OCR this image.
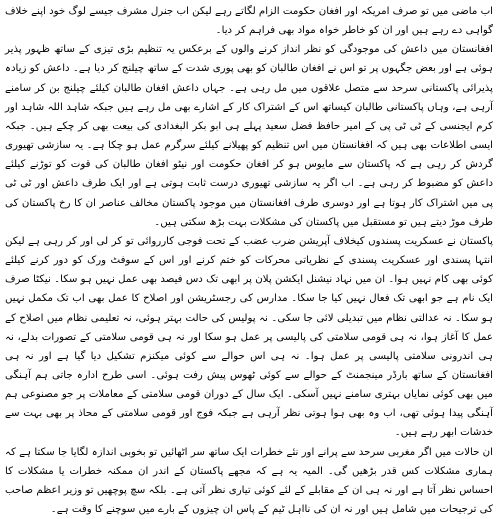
اب ماضی میں تو صرف امریکہ اور افغان حکومت الزام لگاتے رہے لیکن اب جنرل مشرف جیسے لوگ خود اپنے خلاف گواہی دے رہے ہیں اور ان کو خاطر خواہ مواد بھی فراہم کر دیا۔

افغانستان میں داعش کی موجودگی کو نظر انداز کرنے والوں کے برعکس یہ تنظیم بڑی تیزی کے ساتھ ظہور پذیر ہوئی ہے اور بعض جگہوں پر تو اس نے افغان طالبان کو بھی پوری شدت کے ساتھ چیلنج کر دیا ہے۔ داعش کو زیادہ پذیرائی پاکستانی سرحد سے متصل علاقوں میں مل رہی ہے۔ جہاں داعش افغان طالبان کیلئے چیلنج بن کر سامنے آرہی ہے، وہاں پاکستانی طالبان کیساتھ اس کے اشتراک کار کے اشارے بھی مل رہے ہیں جبکہ شاہد اللہ شاہد اور کرم ایجنسی کے ٹی ٹی پی کے امیر حافظ فضل سعید پہلے ہی ابو بکر البغدادی کی بیعت بھی کر چکے ہیں۔ جبکہ ایسی اطلاعات بھی ہیں کہ افغانستان میں اس تنظیم کو پھیلانے کیلئے سرگرم عمل ہو چکا ہے۔ یہ سازشی تھیوری گردش کر رہی ہے کہ پاکستان سے مایوس ہو کر افغان حکومت اور نیٹو افغان طالبان کی قوت کو توڑنے کیلئے داعش کو مضبوط کر رہی ہے۔ اب اگر یہ سازشی تھیوری درست ثابت ہوتی ہے اور ایک طرف داعش اور ٹی ٹی پی میں اشتراک کار ہوتا ہے اور دوسری طرف افغانستان میں موجود پاکستان مخالف عناصر ان کا رخ پاکستان کی طرف موڑ دیتے ہیں تو مستقبل میں پاکستان کی مشکلات بہت بڑھ سکتی ہیں۔

پاکستان نے عسکریت پسندوں کیخلاف آپریشن ضرب عضب کے تحت فوجی کارروائی تو کر لی اور کر رہی ہے لیکن انتہا پسندی اور عسکریت پسندی کے نظریاتی محرکات کو ختم کرنے اور اس کے سوفٹ ورک کو دور کرنے کیلئے کوئی بھی کام نہیں ہوا۔ ان میں نہاد نیشنل ایکشن پلان پر ابھی تک دس فیصد بھی عمل نہیں ہو سکا۔ نیکٹا صرف ایک نام ہے جو ابھی تک فعال نہیں کیا جا سکا۔ مدارس کی رجسٹریشن اور اصلاح کا عمل بھی اب تک مکمل نہیں ہو سکا۔ نہ عدالتی نظام میں تبدیلی لائی جا سکی۔ نہ پولیس کی حالت بہتر ہوئی، نہ تعلیمی نظام میں اصلاح کے عمل کا آغاز ہوا، نہ ہی قومی سلامتی کی پالیسی پر عمل ہو سکا اور نہ ہی قومی سلامتی کے تصورات بدلے، نہ ہی اندرونی سلامتی پالیسی پر عمل ہوا۔ نہ ہی اس حوالے سے کوئی میکنزم تشکیل دیا گیا ہے اور نہ ہی افغانستان کے ساتھ بارڈر مینجمنٹ کے حوالے سے کوئی ٹھوس پیش رفت ہوئی۔ اسی طرح ادارہ جاتی ہم آہنگی میں بھی کوئی نمایاں بہتری سامنے نہیں آسکی۔ ایک سال کے دوران قومی سلامتی کے معاملات پر جو مصنوعی ہم آہنگی پیدا ہوئی تھی، اب وہ بھی ہوا ہوتی نظر آرہی ہے جبکہ فوج اور قومی سلامتی کے محاذ پر بھی بہت سے خدشات ابھر رہے ہیں۔

ان حالات میں اگر مغربی سرحد سے پرانے اور نئے خطرات ایک ساتھ سر اٹھائیں تو بخوبی اندازہ لگایا جا سکتا ہے کہ ہماری مشکلات کس قدر بڑھیں گی۔ المیہ یہ ہے کہ مجھے پاکستان کے اندر ان ممکنہ خطرات یا مشکلات کا احساس نظر آتا ہے اور نہ ہی ان کے مقابلے کے لئے کوئی تیاری نظر آتی ہے۔ بلکہ سچ پوچھیں تو وزیر اعظم صاحب کی ترجیحات میں شامل ہیں اور نہ ان کی نااہل ٹیم کے پاس ان چیزوں کے بارے میں سوچنے کا وقت ہے۔
